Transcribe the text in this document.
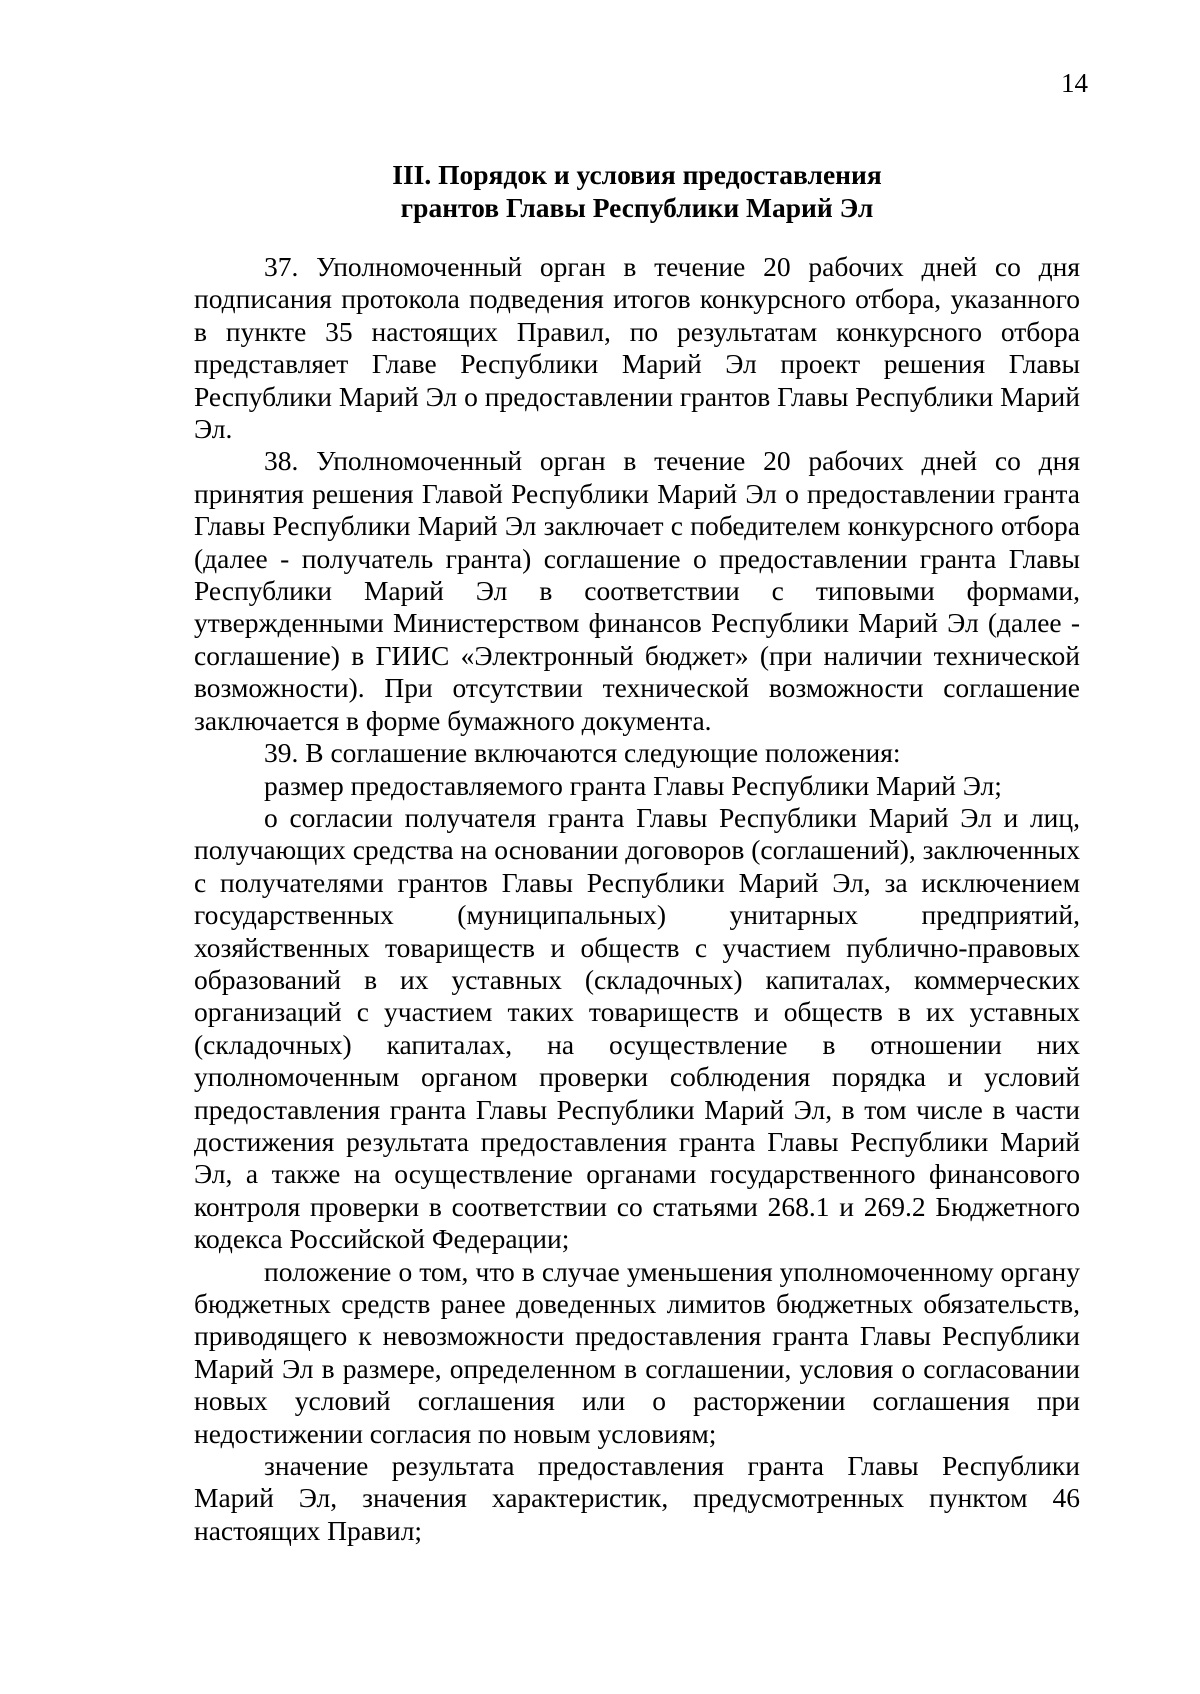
14
III. Порядок и условия предоставления
грантов Главы Республики Марий Эл

37. Уполномоченный орган в течение 20 рабочих дней со дня подписания протокола подведения итогов конкурсного отбора, указанного в пункте 35 настоящих Правил, по результатам конкурсного отбора представляет Главе Республики Марий Эл проект решения Главы Республики Марий Эл о предоставлении грантов Главы Республики Марий Эл.

38. Уполномоченный орган в течение 20 рабочих дней со дня принятия решения Главой Республики Марий Эл о предоставлении гранта Главы Республики Марий Эл заключает с победителем конкурсного отбора (далее - получатель гранта) соглашение о предоставлении гранта Главы Республики Марий Эл в соответствии с типовыми формами, утвержденными Министерством финансов Республики Марий Эл (далее - соглашение) в ГИИС «Электронный бюджет» (при наличии технической возможности). При отсутствии технической возможности соглашение заключается в форме бумажного документа.

39. В соглашение включаются следующие положения:

размер предоставляемого гранта Главы Республики Марий Эл;

о согласии получателя гранта Главы Республики Марий Эл и лиц, получающих средства на основании договоров (соглашений), заключенных с получателями грантов Главы Республики Марий Эл, за исключением государственных (муниципальных) унитарных предприятий, хозяйственных товариществ и обществ с участием публично-правовых образований в их уставных (складочных) капиталах, коммерческих организаций с участием таких товариществ и обществ в их уставных (складочных) капиталах, на осуществление в отношении них уполномоченным органом проверки соблюдения порядка и условий предоставления гранта Главы Республики Марий Эл, в том числе в части достижения результата предоставления гранта Главы Республики Марий Эл, а также на осуществление органами государственного финансового контроля проверки в соответствии со статьями 268.1 и 269.2 Бюджетного кодекса Российской Федерации;

положение о том, что в случае уменьшения уполномоченному органу бюджетных средств ранее доведенных лимитов бюджетных обязательств, приводящего к невозможности предоставления гранта Главы Республики Марий Эл в размере, определенном в соглашении, условия о согласовании новых условий соглашения или о расторжении соглашения при недостижении согласия по новым условиям;

значение результата предоставления гранта Главы Республики Марий Эл, значения характеристик, предусмотренных пунктом 46 настоящих Правил;
